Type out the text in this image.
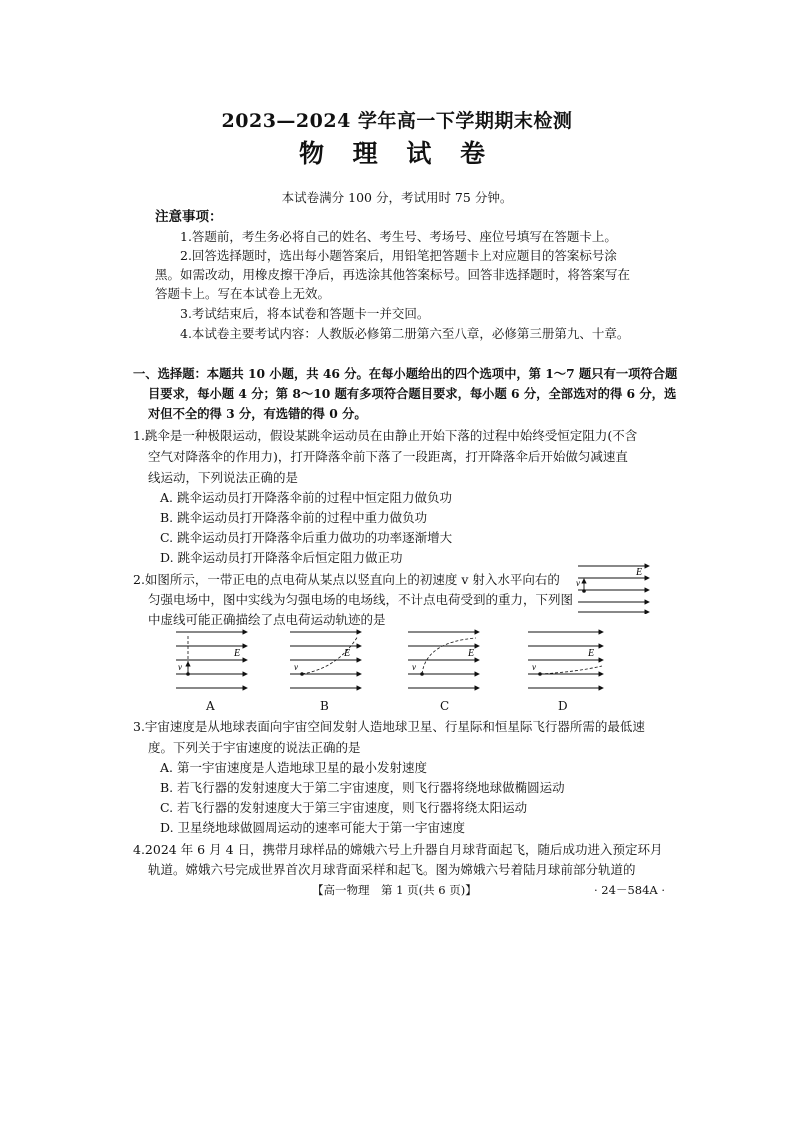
2023—2024 学年高一下学期期末检测
物 理 试 卷
本试卷满分 100 分，考试用时 75 分钟。
注意事项：
1.答题前，考生务必将自己的姓名、考生号、考场号、座位号填写在答题卡上。
2.回答选择题时，选出每小题答案后，用铅笔把答题卡上对应题目的答案标号涂
黑。如需改动，用橡皮擦干净后，再选涂其他答案标号。回答非选择题时，将答案写在
答题卡上。写在本试卷上无效。
3.考试结束后，将本试卷和答题卡一并交回。
4.本试卷主要考试内容：人教版必修第二册第六至八章，必修第三册第九、十章。
一、选择题：本题共 10 小题，共 46 分。在每小题给出的四个选项中，第 1～7 题只有一项符合题
目要求，每小题 4 分；第 8～10 题有多项符合题目要求，每小题 6 分，全部选对的得 6 分，选
对但不全的得 3 分，有选错的得 0 分。
1.跳伞是一种极限运动，假设某跳伞运动员在由静止开始下落的过程中始终受恒定阻力(不含
空气对降落伞的作用力)，打开降落伞前下落了一段距离，打开降落伞后开始做匀减速直
线运动，下列说法正确的是
A. 跳伞运动员打开降落伞前的过程中恒定阻力做负功
B. 跳伞运动员打开降落伞前的过程中重力做负功
C. 跳伞运动员打开降落伞后重力做功的功率逐渐增大
D. 跳伞运动员打开降落伞后恒定阻力做正功
2.如图所示，一带正电的点电荷从某点以竖直向上的初速度 v 射入水平向右的
匀强电场中，图中实线为匀强电场的电场线，不计点电荷受到的重力，下列图
中虚线可能正确描绘了点电荷运动轨迹的是
E
v
v
E
A
v
E
B
v
E
C
v
E
D
3.宇宙速度是从地球表面向宇宙空间发射人造地球卫星、行星际和恒星际飞行器所需的最低速
度。下列关于宇宙速度的说法正确的是
A. 第一宇宙速度是人造地球卫星的最小发射速度
B. 若飞行器的发射速度大于第二宇宙速度，则飞行器将绕地球做椭圆运动
C. 若飞行器的发射速度大于第三宇宙速度，则飞行器将绕太阳运动
D. 卫星绕地球做圆周运动的速率可能大于第一宇宙速度
4.2024 年 6 月 4 日，携带月球样品的嫦娥六号上升器自月球背面起飞，随后成功进入预定环月
轨道。嫦娥六号完成世界首次月球背面采样和起飞。图为嫦娥六号着陆月球前部分轨道的
【高一物理　第 1 页(共 6 页)】	· 24－584A ·
